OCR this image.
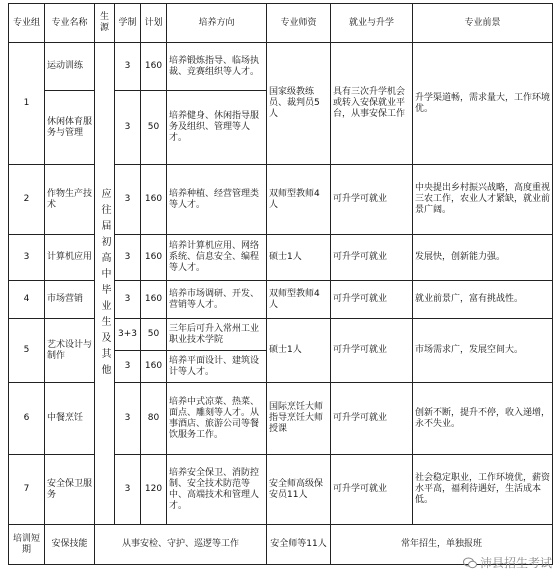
专业组	专业名称	生源	学制	计划	培养方向	专业师资	就业与升学	专业前景
1	运动训练	应往届初高中毕业生及其他	3	160	培养锻炼指导、临场执裁、竞赛组织等人才。	国家级教练员、裁判员5人	具有三次升学机会或转入安保就业平台，从事安保工作	升学渠道畅，需求量大，工作环境优。
	休闲体育服务与管理		3	50	培养健身、休闲指导服务及组织、管理等人才。			
2	作物生产技术		3	160	培养种植、经营管理类等人才。	双师型教师4人	可升学可就业	中央提出乡村振兴战略，高度重视三农工作，农业人才紧缺，就业前景广阔。
3	计算机应用		3	160	培养计算机应用、网络系统、信息安全、编程等人才。	硕士1人	可升学可就业	发展快，创新能力强。
4	市场营销		3	160	培养市场调研、开发、营销等人才。	双师型教师4人	可升学可就业	就业前景广，富有挑战性。
5	艺术设计与制作		3+3	50	三年后可升入常州工业职业技术学院	硕士1人	可升学可就业	市场需求广，发展空间大。
			3	160	培养平面设计、建筑设计等人才。			
6	中餐烹饪		3	80	培养中式凉菜、热菜、面点、雕刻等人才。从事酒店、旅游公司等餐饮服务工作。	国际烹饪大师指导烹饪大师授课	可升学可就业	创新不断，提升不停，收入递增，永不失业。
7	安全保卫服务		3	120	培养安全保卫、消防控制、安全技术防范等中、高端技术和管理人才。	安全师高级保安员11人	可升学可就业	社会稳定职业，工作环境优，薪资水平高，福利待遇好，生活成本低。
培训短期	安保技能	从事安检、守护、巡逻等工作				安全师等11人	常年招生，单独报班	
沛县招生考试
